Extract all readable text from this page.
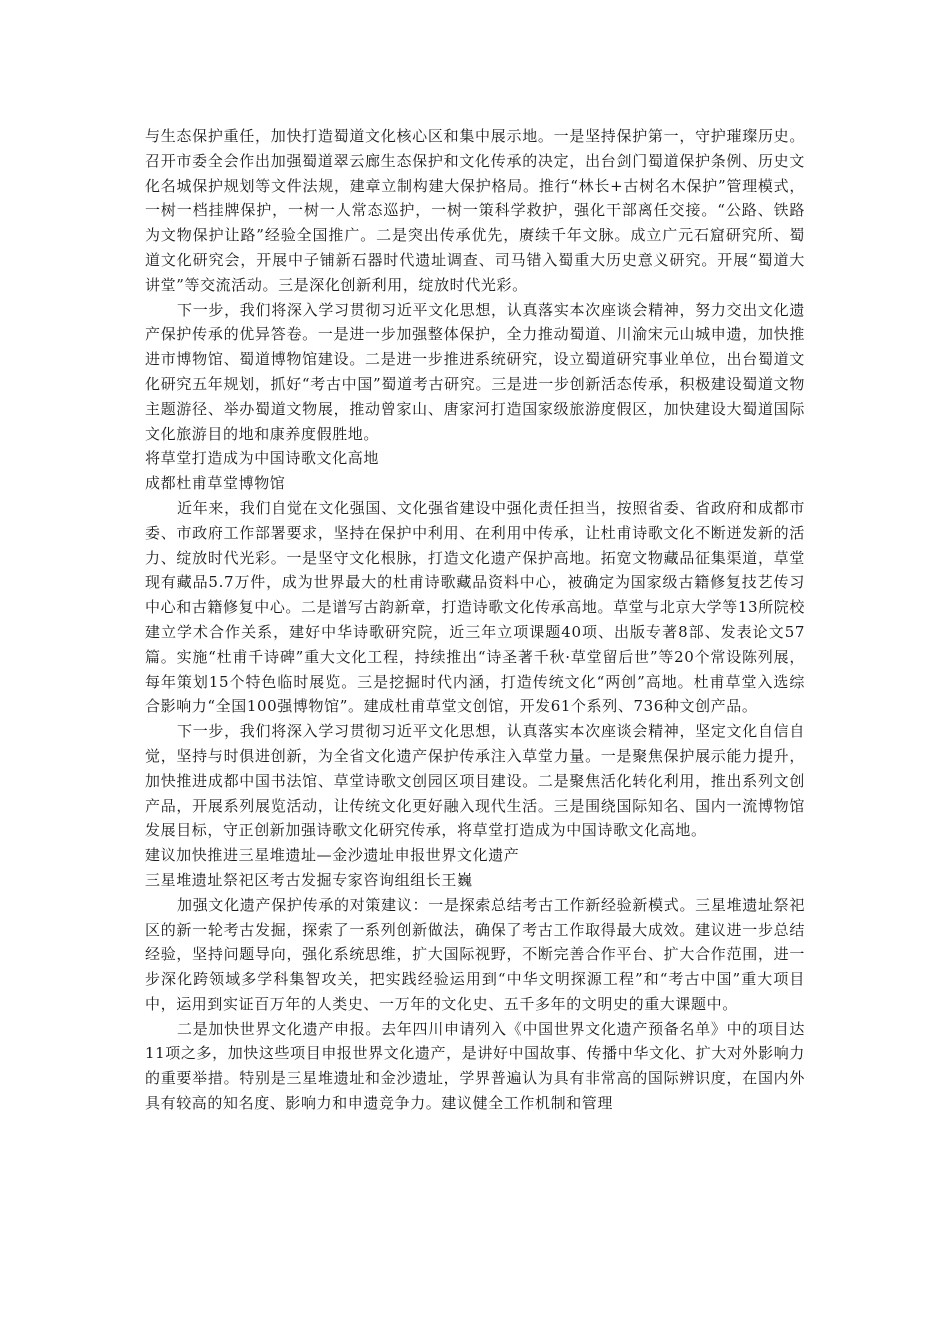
与生态保护重任，加快打造蜀道文化核心区和集中展示地。一是坚持保护第一，守护璀璨历史。召开市委全会作出加强蜀道翠云廊生态保护和文化传承的决定，出台剑门蜀道保护条例、历史文化名城保护规划等文件法规，建章立制构建大保护格局。推行“林长+古树名木保护”管理模式，一树一档挂牌保护，一树一人常态巡护，一树一策科学救护，强化干部离任交接。“公路、铁路为文物保护让路”经验全国推广。二是突出传承优先，赓续千年文脉。成立广元石窟研究所、蜀道文化研究会，开展中子铺新石器时代遗址调查、司马错入蜀重大历史意义研究。开展“蜀道大讲堂”等交流活动。三是深化创新利用，绽放时代光彩。

下一步，我们将深入学习贯彻习近平文化思想，认真落实本次座谈会精神，努力交出文化遗产保护传承的优异答卷。一是进一步加强整体保护，全力推动蜀道、川渝宋元山城申遗，加快推进市博物馆、蜀道博物馆建设。二是进一步推进系统研究，设立蜀道研究事业单位，出台蜀道文化研究五年规划，抓好“考古中国”蜀道考古研究。三是进一步创新活态传承，积极建设蜀道文物主题游径、举办蜀道文物展，推动曾家山、唐家河打造国家级旅游度假区，加快建设大蜀道国际文化旅游目的地和康养度假胜地。

将草堂打造成为中国诗歌文化高地

成都杜甫草堂博物馆

近年来，我们自觉在文化强国、文化强省建设中强化责任担当，按照省委、省政府和成都市委、市政府工作部署要求，坚持在保护中利用、在利用中传承，让杜甫诗歌文化不断迸发新的活力、绽放时代光彩。一是坚守文化根脉，打造文化遗产保护高地。拓宽文物藏品征集渠道，草堂现有藏品5.7万件，成为世界最大的杜甫诗歌藏品资料中心，被确定为国家级古籍修复技艺传习中心和古籍修复中心。二是谱写古韵新章，打造诗歌文化传承高地。草堂与北京大学等13所院校建立学术合作关系，建好中华诗歌研究院，近三年立项课题40项、出版专著8部、发表论文57篇。实施“杜甫千诗碑”重大文化工程，持续推出“诗圣著千秋·草堂留后世”等20个常设陈列展，每年策划15个特色临时展览。三是挖掘时代内涵，打造传统文化“两创”高地。杜甫草堂入选综合影响力“全国100强博物馆”。建成杜甫草堂文创馆，开发61个系列、736种文创产品。

下一步，我们将深入学习贯彻习近平文化思想，认真落实本次座谈会精神，坚定文化自信自觉，坚持与时俱进创新，为全省文化遗产保护传承注入草堂力量。一是聚焦保护展示能力提升，加快推进成都中国书法馆、草堂诗歌文创园区项目建设。二是聚焦活化转化利用，推出系列文创产品，开展系列展览活动，让传统文化更好融入现代生活。三是围绕国际知名、国内一流博物馆发展目标，守正创新加强诗歌文化研究传承，将草堂打造成为中国诗歌文化高地。

建议加快推进三星堆遗址—金沙遗址申报世界文化遗产

三星堆遗址祭祀区考古发掘专家咨询组组长王巍

加强文化遗产保护传承的对策建议：一是探索总结考古工作新经验新模式。三星堆遗址祭祀区的新一轮考古发掘，探索了一系列创新做法，确保了考古工作取得最大成效。建议进一步总结经验，坚持问题导向，强化系统思维，扩大国际视野，不断完善合作平台、扩大合作范围，进一步深化跨领域多学科集智攻关，把实践经验运用到“中华文明探源工程”和“考古中国”重大项目中，运用到实证百万年的人类史、一万年的文化史、五千多年的文明史的重大课题中。

二是加快世界文化遗产申报。去年四川申请列入《中国世界文化遗产预备名单》中的项目达11项之多，加快这些项目申报世界文化遗产，是讲好中国故事、传播中华文化、扩大对外影响力的重要举措。特别是三星堆遗址和金沙遗址，学界普遍认为具有非常高的国际辨识度，在国内外具有较高的知名度、影响力和申遗竞争力。建议健全工作机制和管理
